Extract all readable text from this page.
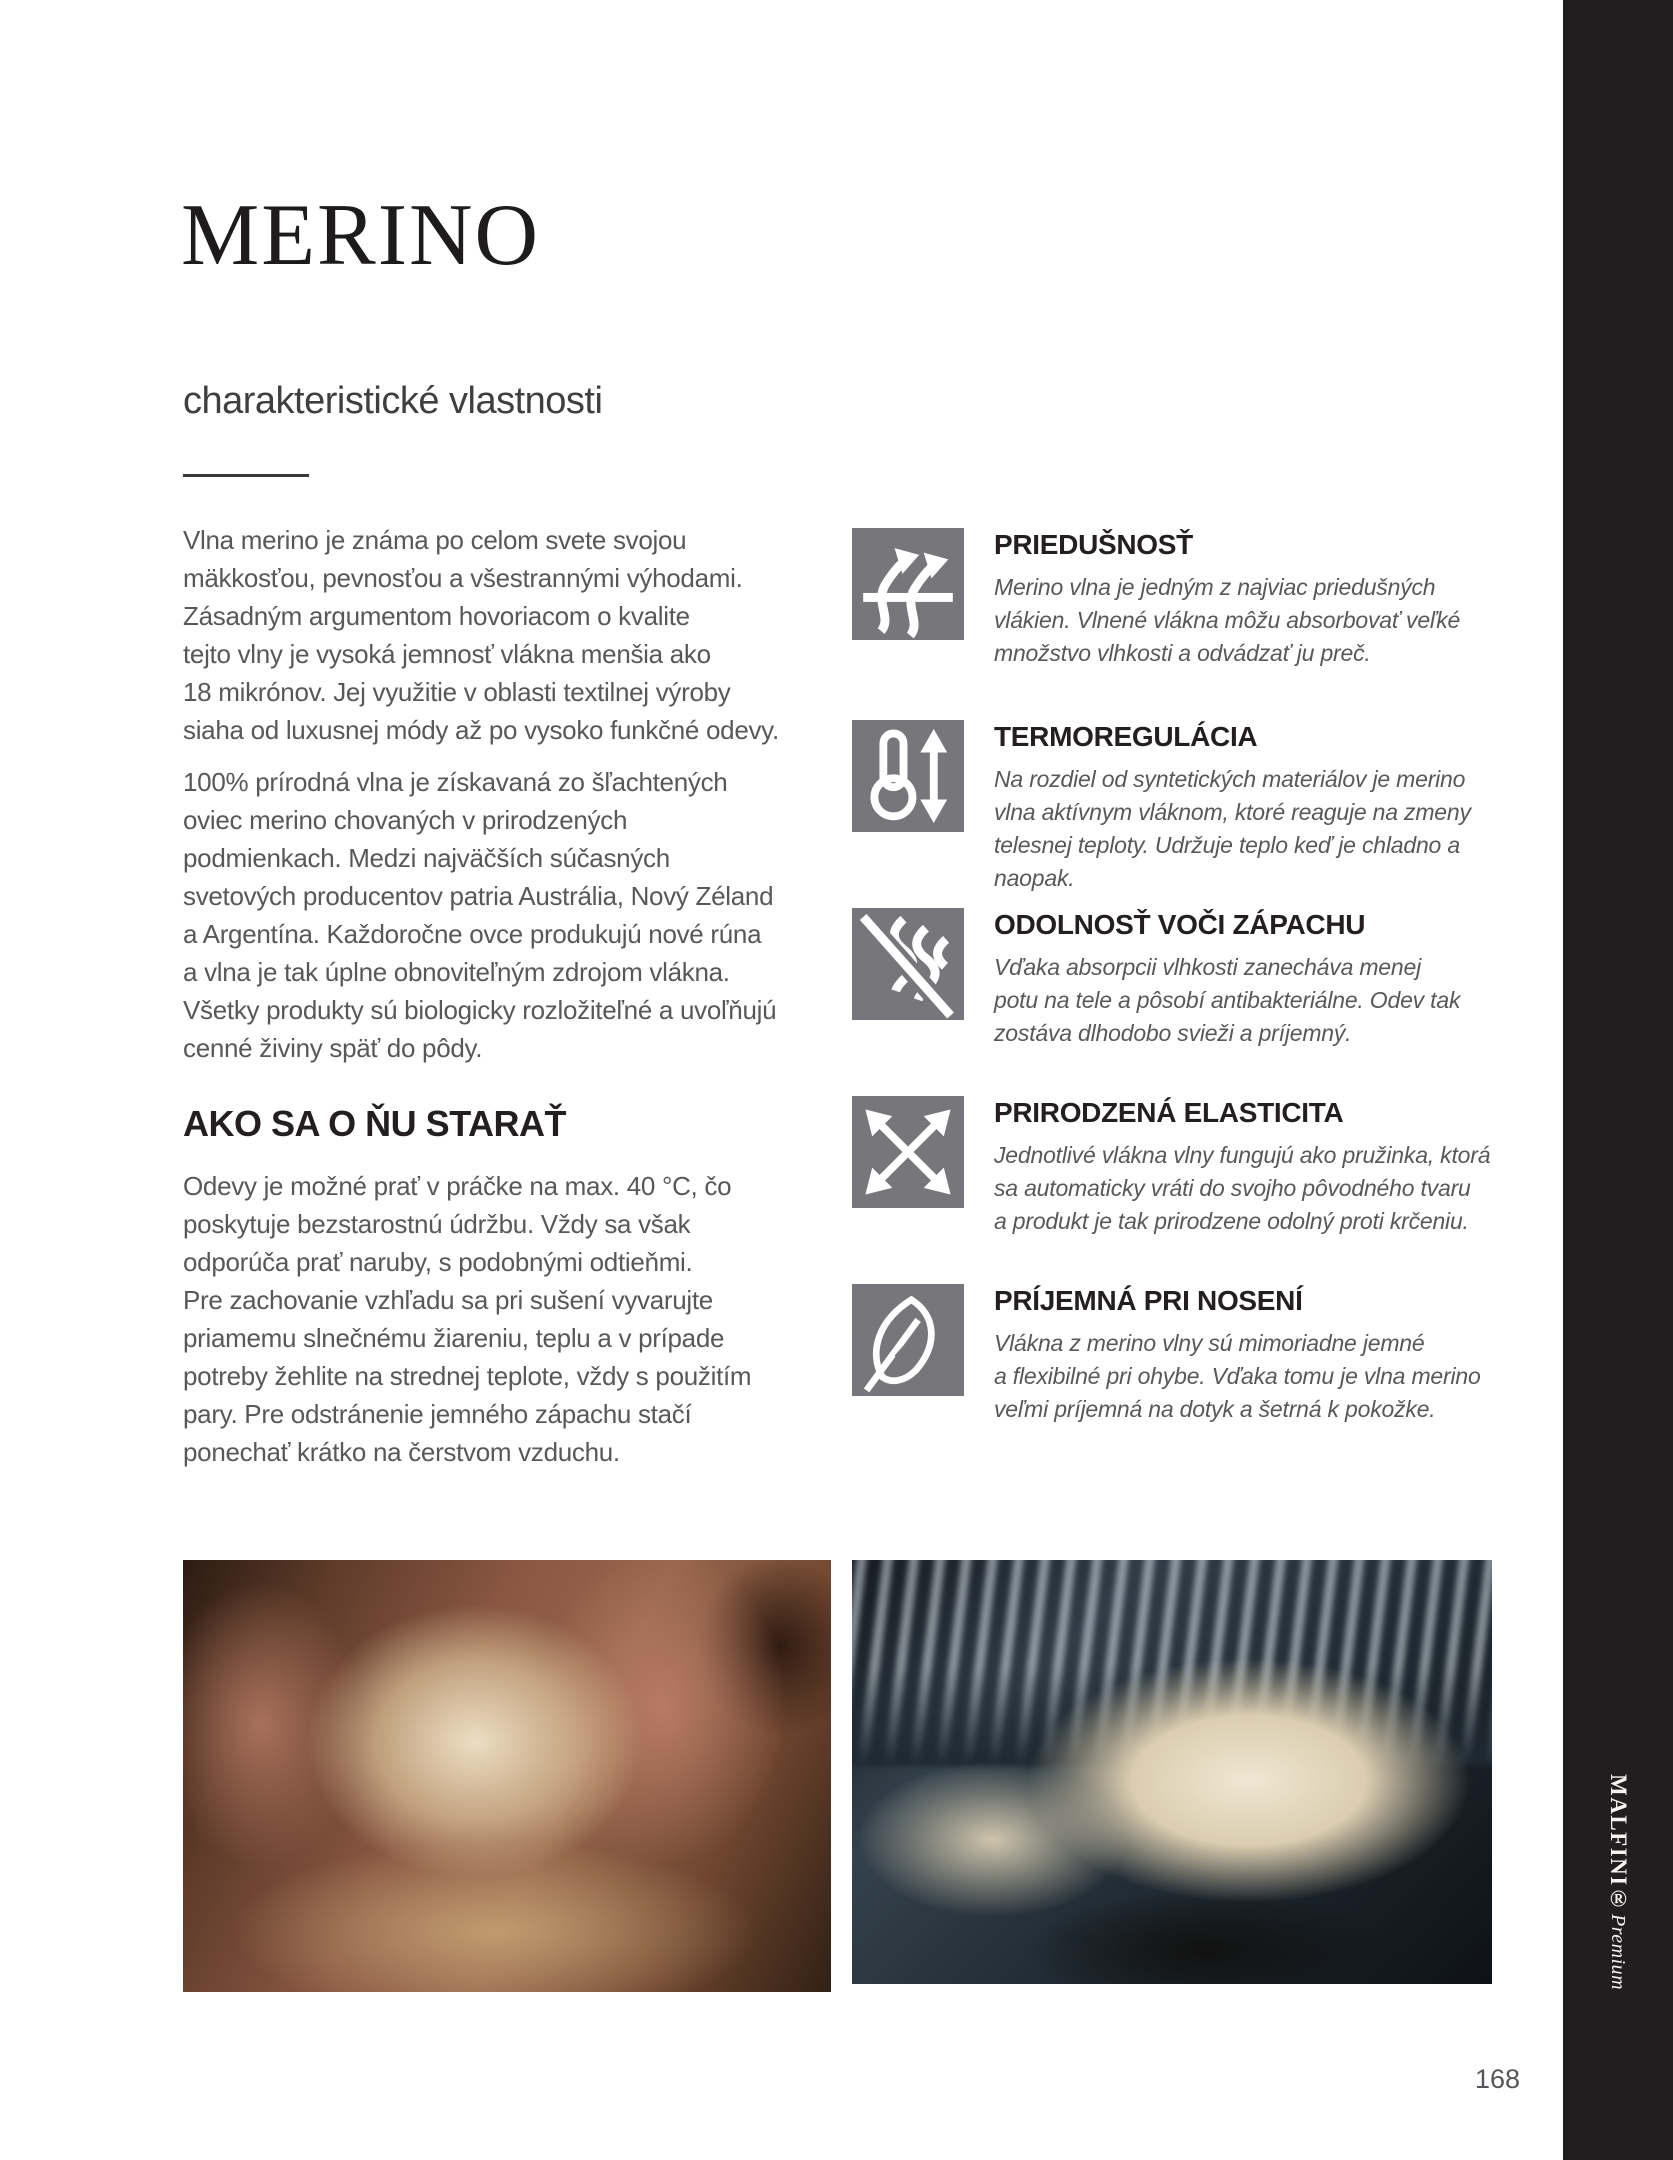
MERINO
charakteristické vlastnosti
Vlna merino je známa po celom svete svojou
mäkkosťou, pevnosťou a všestrannými výhodami.
Zásadným argumentom hovoriacom o kvalite
tejto vlny je vysoká jemnosť vlákna menšia ako
18 mikrónov. Jej využitie v oblasti textilnej výroby
siaha od luxusnej módy až po vysoko funkčné odevy.
100% prírodná vlna je získavaná zo šľachtených
oviec merino chovaných v prirodzených
podmienkach. Medzi najväčších súčasných
svetových producentov patria Austrália, Nový Zéland
a Argentína. Každoročne ovce produkujú nové rúna
a vlna je tak úplne obnoviteľným zdrojom vlákna.
Všetky produkty sú biologicky rozložiteľné a uvoľňujú
cenné živiny späť do pôdy.
AKO SA O ŇU STARAŤ
Odevy je možné prať v práčke na max. 40 °C, čo
poskytuje bezstarostnú údržbu. Vždy sa však
odporúča prať naruby, s podobnými odtieňmi.
Pre zachovanie vzhľadu sa pri sušení vyvarujte
priamemu slnečnému žiareniu, teplu a v prípade
potreby žehlite na strednej teplote, vždy s použitím
pary. Pre odstránenie jemného zápachu stačí
ponechať krátko na čerstvom vzduchu.
PRIEDUŠNOSŤ
Merino vlna je jedným z najviac priedušných
vlákien. Vlnené vlákna môžu absorbovať veľké
množstvo vlhkosti a odvádzať ju preč.
TERMOREGULÁCIA
Na rozdiel od syntetických materiálov je merino
vlna aktívnym vláknom, ktoré reaguje na zmeny
telesnej teploty. Udržuje teplo keď je chladno a
naopak.
ODOLNOSŤ VOČI ZÁPACHU
Vďaka absorpcii vlhkosti zanecháva menej
potu na tele a pôsobí antibakteriálne. Odev tak
zostáva dlhodobo svieži a príjemný.
PRIRODZENÁ ELASTICITA
Jednotlivé vlákna vlny fungujú ako pružinka, ktorá
sa automaticky vráti do svojho pôvodného tvaru
a produkt je tak prirodzene odolný proti krčeniu.
PRÍJEMNÁ PRI NOSENÍ
Vlákna z merino vlny sú mimoriadne jemné
a flexibilné pri ohybe. Vďaka tomu je vlna merino
veľmi príjemná na dotyk a šetrná k pokožke.
MALFINI®
Premium
168
